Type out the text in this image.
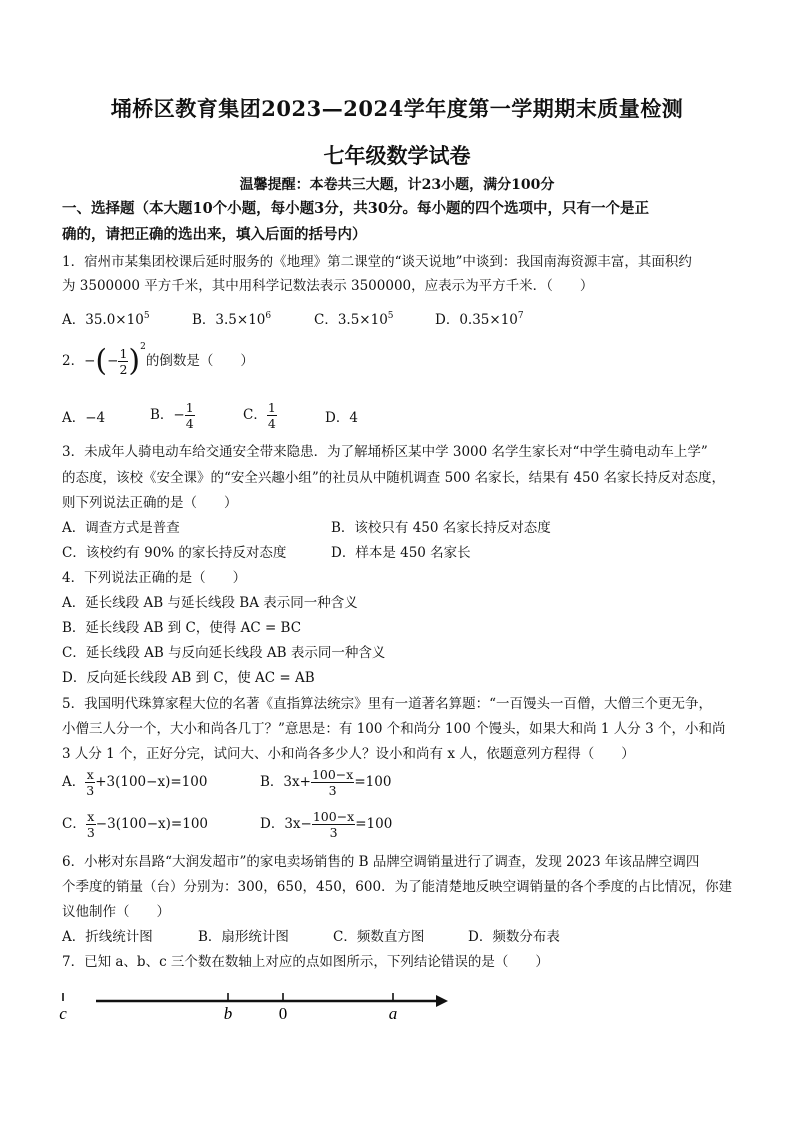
埇桥区教育集团2023—2024学年度第一学期期末质量检测
七年级数学试卷
温馨提醒：本卷共三大题，计23小题，满分100分
一、选择题（本大题10个小题，每小题3分，共30分。每小题的四个选项中，只有一个是正
确的，请把正确的选出来，填入后面的括号内）
1．宿州市某集团校课后延时服务的《地理》第二课堂的“谈天说地”中谈到：我国南海资源丰富，其面积约
为 3500000 平方千米，其中用科学记数法表示 3500000，应表示为平方千米．（　　）
A．$35.0\times 10^5$	B．$3.5\times 10^6$	C．$3.5\times 10^5$	D．$0.35\times 10^7$
2．−(− $\frac{1}{2} )^2$的倒数是（　　）
A．−4	B．− $\frac{1}{4}$	C． $\frac{1}{4}$	D．4
3．未成年人骑电动车给交通安全带来隐患．为了解埇桥区某中学 3000 名学生家长对“中学生骑电动车上学”
的态度，该校《安全课》的“安全兴趣小组”的社员从中随机调查 500 名家长，结果有 450 名家长持反对态度，
则下列说法正确的是（　　）
A．调查方式是普查	B．该校只有 450 名家长持反对态度
C．该校约有 90% 的家长持反对态度	D．样本是 450 名家长
4．下列说法正确的是（　　）
A．延长线段 AB 与延长线段 BA 表示同一种含义
B．延长线段 AB 到 C，使得 AC = BC
C．延长线段 AB 与反向延长线段 AB 表示同一种含义
D．反向延长线段 AB 到 C，使 AC = AB
5．我国明代珠算家程大位的名著《直指算法统宗》里有一道著名算题：“一百馒头一百僧，大僧三个更无争，
小僧三人分一个，大小和尚各几丁？”意思是：有 100 个和尚分 100 个馒头，如果大和尚 1 人分 3 个，小和尚
3 人分 1 个，正好分完，试问大、小和尚各多少人？设小和尚有 x 人，依题意列方程得（　　）
A． $\frac{x}{3} +3(100-x)=100$	B．$3x+ \frac{100-x}{3} =100$
C． $\frac{x}{3} -3(100-x)=100$	D．$3x- \frac{100-x}{3} =100$
6．小彬对东昌路“大润发超市”的家电卖场销售的 B 品牌空调销量进行了调查，发现 2023 年该品牌空调四
个季度的销量（台）分别为：300，650，450，600．为了能清楚地反映空调销量的各个季度的占比情况，你建
议他制作（　　）
A．折线统计图	B．扇形统计图	C．频数直方图	D．频数分布表
7．已知 a、b、c 三个数在数轴上对应的点如图所示，下列结论错误的是（　　）
c	b	0	a
